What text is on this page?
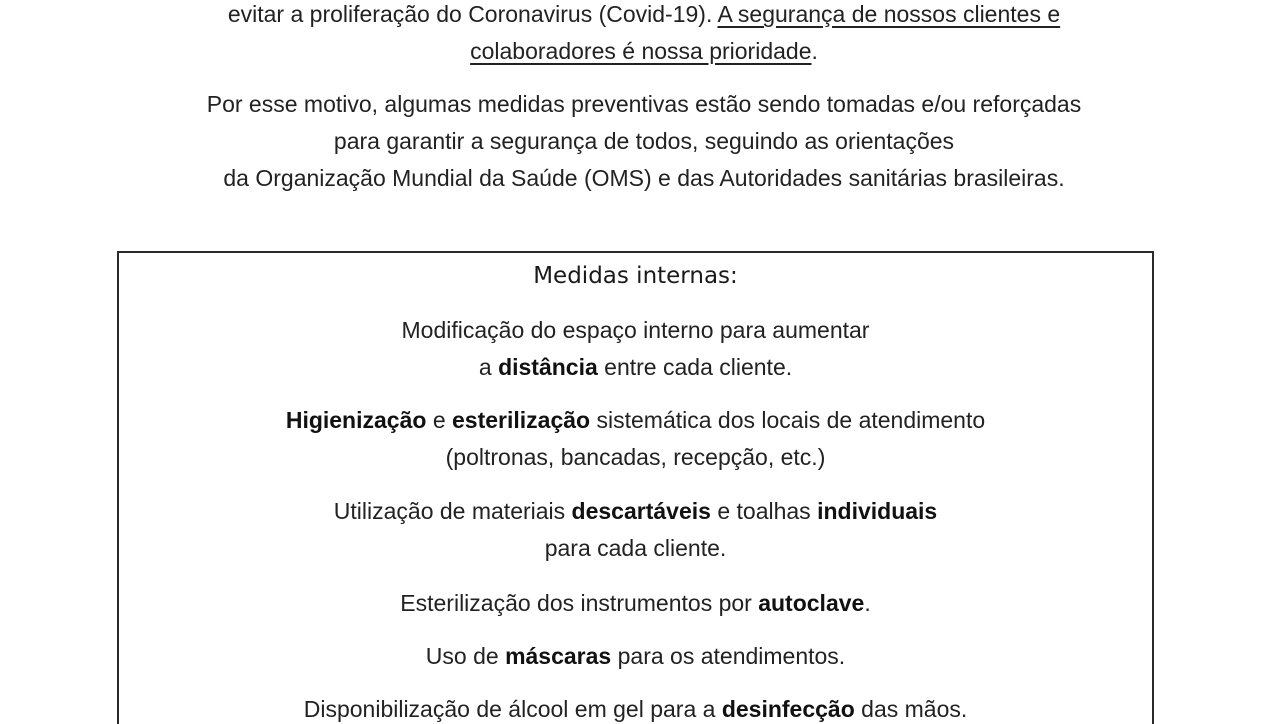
evitar a proliferação do Coronavirus (Covid-19). A segurança de nossos clientes e

colaboradores é nossa prioridade.

Por esse motivo, algumas medidas preventivas estão sendo tomadas e/ou reforçadas

para garantir a segurança de todos, seguindo as orientações

da Organização Mundial da Saúde (OMS) e das Autoridades sanitárias brasileiras.

Medidas internas:

Modificação do espaço interno para aumentar

a distância entre cada cliente.

Higienização e esterilização sistemática dos locais de atendimento

(poltronas, bancadas, recepção, etc.)

Utilização de materiais descartáveis e toalhas individuais

para cada cliente.

Esterilização dos instrumentos por autoclave.

Uso de máscaras para os atendimentos.

Disponibilização de álcool em gel para a desinfecção das mãos.
